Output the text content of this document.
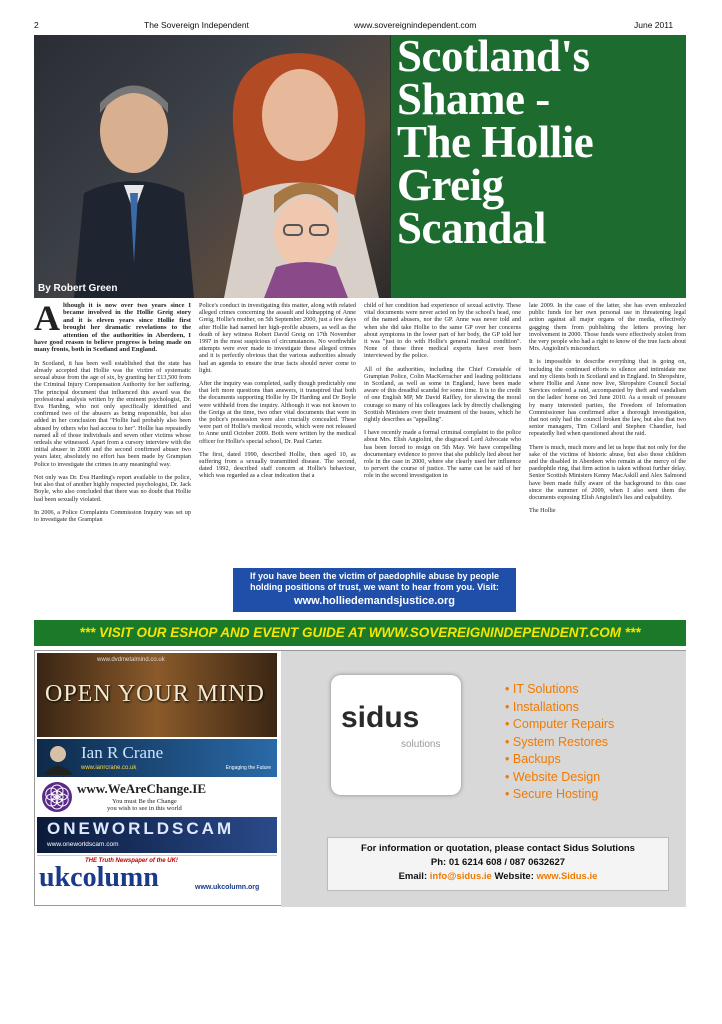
2	The Sovereign Independent	www.sovereignindependent.com	June 2011
By Robert Green
Scotland's
Shame -
The Hollie
Greig
Scandal

Although it is now over two years since I became involved in the Hollie Greig story and it is eleven years since Hollie first brought her dramatic revelations to the attention of the authorities in Aberdeen, I have good reason to believe progress is being made on many fronts, both in Scotland and England.

In Scotland, it has been well established that the state has already accepted that Hollie was the victim of systematic sexual abuse from the age of six, by granting her £13,500 from the Criminal Injury Compensation Authority for her suffering. The principal document that influenced this award was the professional analysis written by the eminent psychologist, Dr. Eva Harding, who not only specifically identified and confirmed two of the abusers as being responsible, but also added in her conclusion that "Hollie had probably also been abused by others who had access to her". Hollie has repeatedly named all of those individuals and seven other victims whose ordeals she witnessed. Apart from a cursory interview with the initial abuser in 2000 and the second confirmed abuser two years later, absolutely no effort has been made by Grampian Police to investigate the crimes in any meaningful way.

Not only was Dr. Eva Harding's report available to the police, but also that of another highly respected psychologist, Dr. Jack Boyle, who also concluded that there was no doubt that Hollie had been sexually violated.

In 2006, a Police Complaints Commission Inquiry was set up to investigate the Grampian

Police's conduct in investigating this matter, along with related alleged crimes concerning the assault and kidnapping of Anne Greig, Hollie's mother, on 5th September 2000, just a few days after Hollie had named her high-profile abusers, as well as the death of key witness Robert David Greig on 17th November 1997 in the most suspicious of circumstances. No worthwhile attempts were ever made to investigate these alleged crimes and it is perfectly obvious that the various authorities already had an agenda to ensure the true facts should never come to light.

After the inquiry was completed, sadly though predictably one that left more questions than answers, it transpired that both the documents supporting Hollie by Dr Harding and Dr Boyle were withheld from the inquiry. Although it was not known to the Greigs at the time, two other vital documents that were in the police's possession were also crucially concealed. These were part of Hollie's medical records, which were not released to Anne until October 2009. Both were written by the medical officer for Hollie's special school, Dr. Paul Carter.

The first, dated 1990, described Hollie, then aged 10, as suffering from a sexually transmitted disease. The second, dated 1992, described staff concern at Hollie's behaviour, which was regarded as a clear indication that a

child of her condition had experience of sexual activity. These vital documents were never acted on by the school's head, one of the named abusers, nor the GP. Anne was never told and when she did take Hollie to the same GP over her concerns about symptoms in the lower part of her body, the GP told her it was "just to do with Hollie's general medical condition". None of these three medical experts have ever been interviewed by the police.

All of the authorities, including the Chief Constable of Grampian Police, Colin MacKerracher and leading politicians in Scotland, as well as some in England, have been made aware of this dreadful scandal for some time. It is to the credit of one English MP, Mr David Raffley, for showing the moral courage so many of his colleagues lack by directly challenging Scottish Ministers over their treatment of the issues, which he rightly describes as "appalling".

I have recently made a formal criminal complaint to the police about Mrs. Elish Angiolini, the disgraced Lord Advocate who has been forced to resign on 5th May. We have compelling documentary evidence to prove that she publicly lied about her role in the case in 2000, where she clearly used her influence to pervert the course of justice. The same can be said of her role in the second investigation in

late 2009. In the case of the latter, she has even embezzled public funds for her own personal use in threatening legal action against all major organs of the media, effectively gagging them from publishing the letters proving her involvement in 2000. Those funds were effectively stolen from the very people who had a right to know of the true facts about Mrs. Angiolini's misconduct.

It is impossible to describe everything that is going on, including the continued efforts to silence and intimidate me and my clients both in Scotland and in England. In Shropshire, where Hollie and Anne now live, Shropshire Council Social Services ordered a raid, accompanied by theft and vandalism on the ladies' home on 3rd June 2010. As a result of pressure by many interested parties, the Freedom of Information Commissioner has confirmed after a thorough investigation, that not only had the council broken the law, but also that two senior managers, Tim Collard and Stephen Chandler, had repeatedly lied when questioned about the raid.

There is much, much more and let us hope that not only for the sake of the victims of historic abuse, but also those children and the disabled in Aberdeen who remain at the mercy of the paedophile ring, that firm action is taken without further delay. Senior Scottish Ministers Kenny MacAskill and Alex Salmond have been made fully aware of the background to this case since the summer of 2009, when I also sent them the documents exposing Elish Angiolini's lies and culpability.

The Hollie

If you have been the victim of paedophile abuse by people
holding positions of trust, we want to hear from you. Visit:
www.holliedemandsjustice.org
*** VISIT OUR ESHOP AND EVENT GUIDE AT WWW.SOVEREIGNINDEPENDENT.COM ***
www.dvdmetalmind.co.uk
OPEN YOUR MIND
Ian R Crane
www.ianrcrane.co.uk	Engaging the Future
www.WeAreChange.IE
You must Be the Change
you wish to see in this world
ONEWORLDSCAM
www.oneworldscam.com
THE Truth Newspaper of the UK!
ukcolumn	www.ukcolumn.org
sidus
solutions
• IT Solutions
• Installations
• Computer Repairs
• System Restores
• Backups
• Website Design
• Secure Hosting
For information or quotation, please contact Sidus Solutions
Ph: 01 6214 608 / 087 0632627
Email: info@sidus.ie Website: www.Sidus.ie
